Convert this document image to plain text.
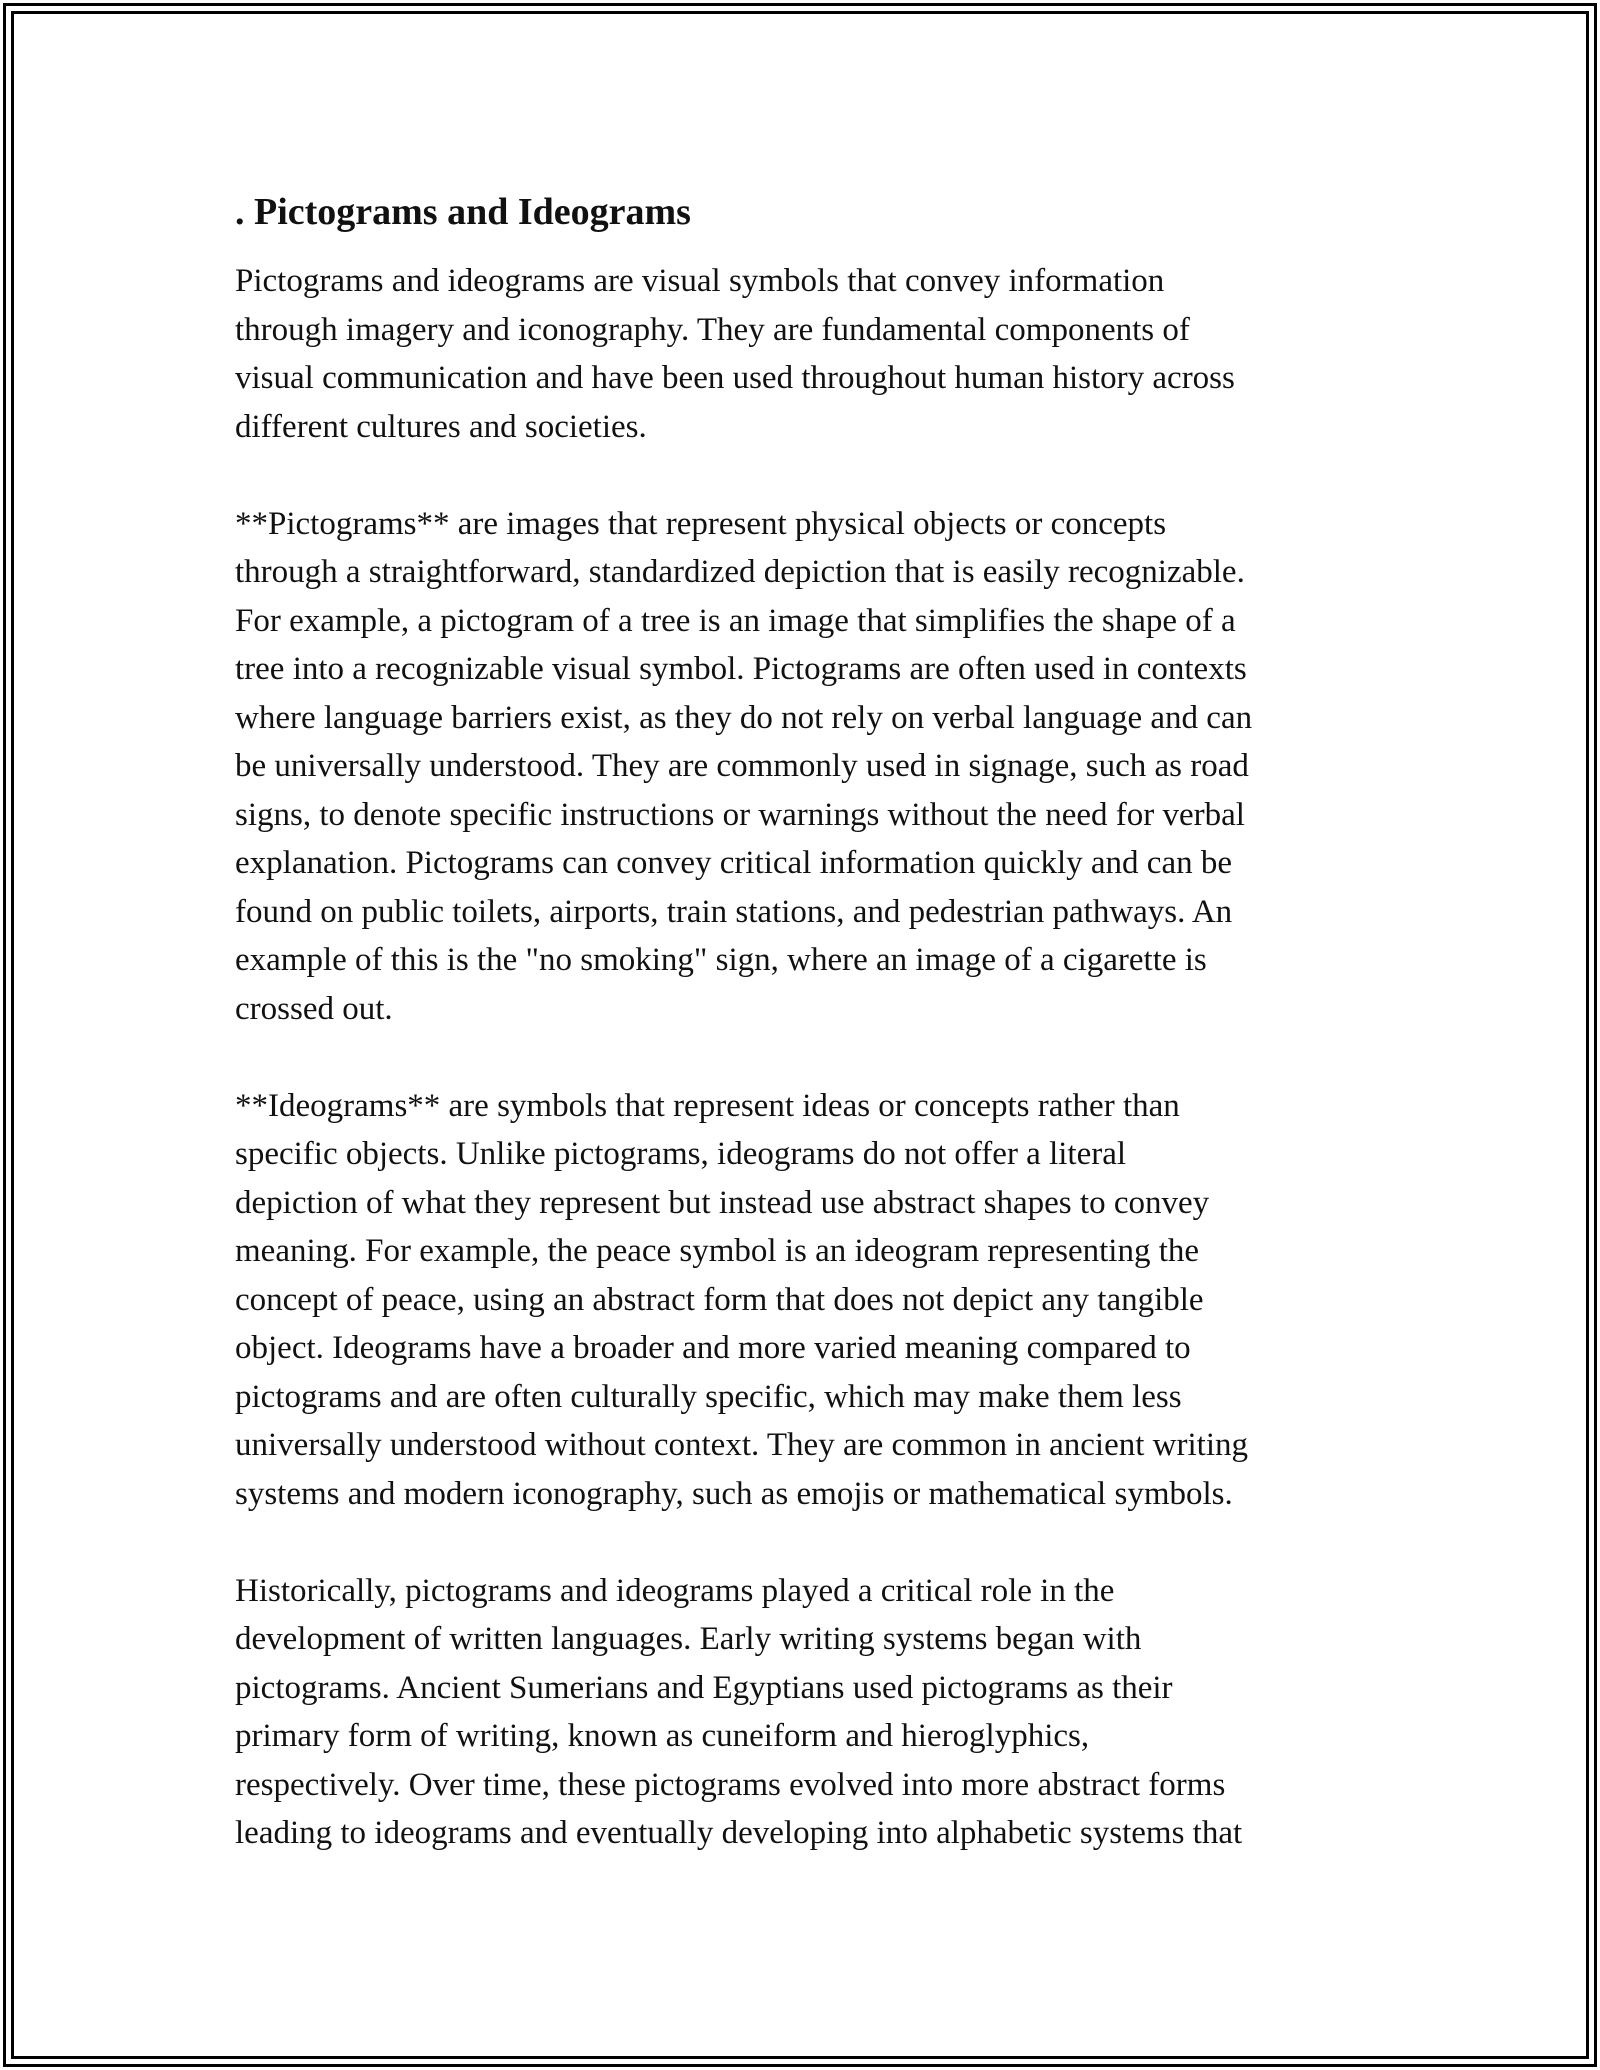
. Pictograms and Ideograms
Pictograms and ideograms are visual symbols that convey information
through imagery and iconography. They are fundamental components of
visual communication and have been used throughout human history across
different cultures and societies.
**Pictograms** are images that represent physical objects or concepts
through a straightforward, standardized depiction that is easily recognizable.
For example, a pictogram of a tree is an image that simplifies the shape of a
tree into a recognizable visual symbol. Pictograms are often used in contexts
where language barriers exist, as they do not rely on verbal language and can
be universally understood. They are commonly used in signage, such as road
signs, to denote specific instructions or warnings without the need for verbal
explanation. Pictograms can convey critical information quickly and can be
found on public toilets, airports, train stations, and pedestrian pathways. An
example of this is the "no smoking" sign, where an image of a cigarette is
crossed out.
**Ideograms** are symbols that represent ideas or concepts rather than
specific objects. Unlike pictograms, ideograms do not offer a literal
depiction of what they represent but instead use abstract shapes to convey
meaning. For example, the peace symbol is an ideogram representing the
concept of peace, using an abstract form that does not depict any tangible
object. Ideograms have a broader and more varied meaning compared to
pictograms and are often culturally specific, which may make them less
universally understood without context. They are common in ancient writing
systems and modern iconography, such as emojis or mathematical symbols.
Historically, pictograms and ideograms played a critical role in the
development of written languages. Early writing systems began with
pictograms. Ancient Sumerians and Egyptians used pictograms as their
primary form of writing, known as cuneiform and hieroglyphics,
respectively. Over time, these pictograms evolved into more abstract forms
leading to ideograms and eventually developing into alphabetic systems that
